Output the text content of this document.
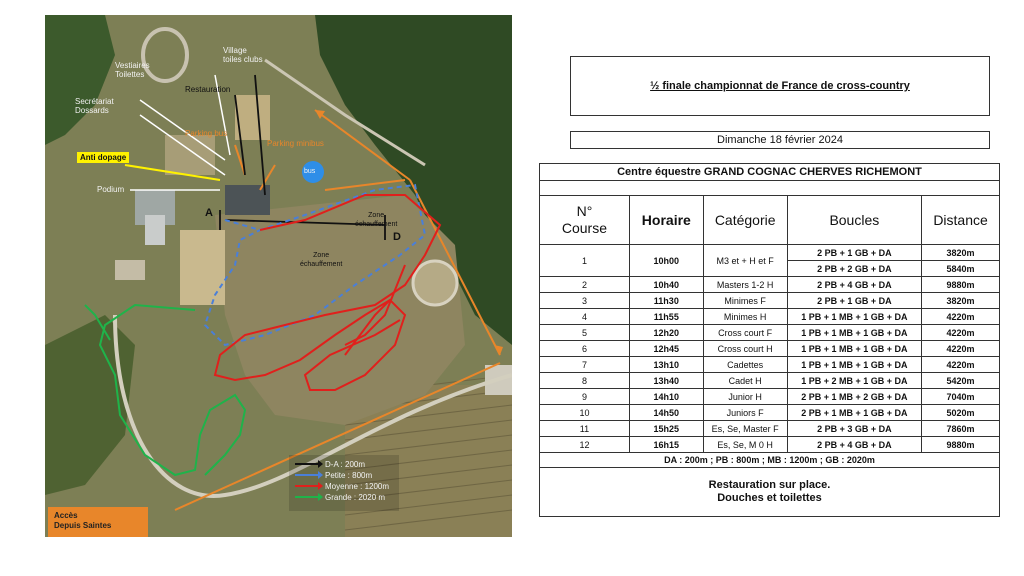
Village
toiles clubs
Vestiaires
Toilettes
Restauration
Secrétariat
Dossards
Parking bus
Parking minibus
Anti dopage
Podium
bus
A
D
Zone
échauffement
Zone
échauffement
D-A : 200m
Petite : 800m
Moyenne : 1200m
Grande : 2020 m
Accès
Depuis Saintes
½ finale championnat de France de cross-country
Dimanche 18 février 2024
Centre équestre GRAND COGNAC CHERVES RICHEMONT				

N° Course	Horaire	Catégorie	Boucles	Distance
1	10h00	M3 et + H et F	2 PB + 1 GB + DA	3820m
			2 PB + 2 GB + DA	5840m
2	10h40	Masters 1-2 H	2 PB + 4 GB + DA	9880m
3	11h30	Minimes F	2 PB + 1 GB + DA	3820m
4	11h55	Minimes H	1 PB + 1 MB + 1 GB + DA	4220m
5	12h20	Cross court F	1 PB + 1 MB + 1 GB + DA	4220m
6	12h45	Cross court H	1 PB + 1 MB + 1 GB + DA	4220m
7	13h10	Cadettes	1 PB + 1 MB + 1 GB + DA	4220m
8	13h40	Cadet H	1 PB + 2 MB + 1 GB + DA	5420m
9	14h10	Junior H	2 PB + 1 MB + 2 GB + DA	7040m
10	14h50	Juniors F	2 PB + 1 MB + 1 GB + DA	5020m
11	15h25	Es, Se, Master F	2 PB + 3 GB + DA	7860m
12	16h15	Es, Se, M 0 H	2 PB + 4 GB + DA	9880m
DA : 200m ; PB : 800m ; MB : 1200m ; GB : 2020m				

Restauration sur place.
Douches et toilettes				
